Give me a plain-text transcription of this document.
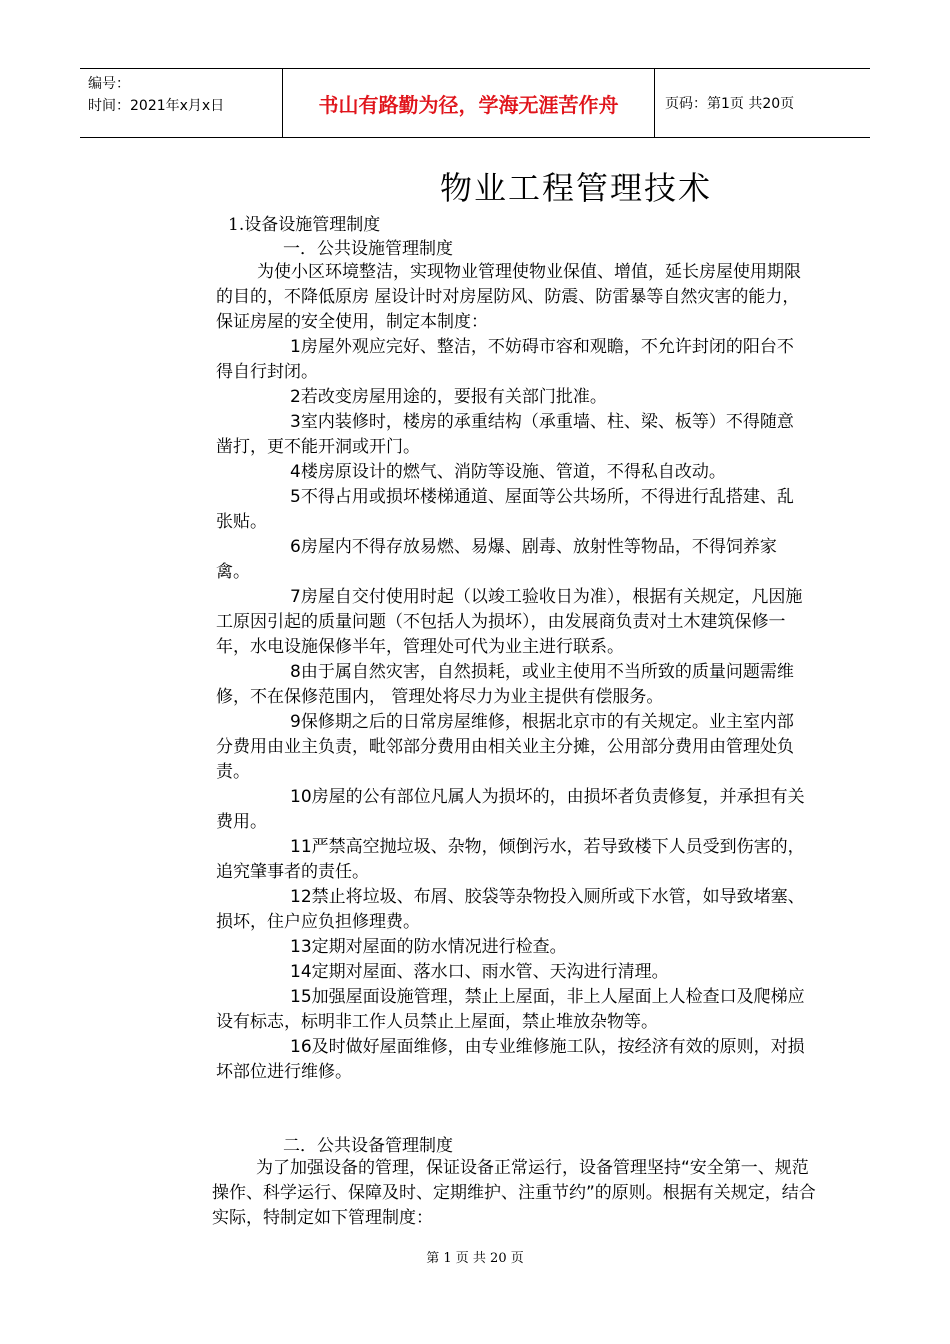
编号：
时间：2021年x月x日	书山有路勤为径，学海无涯苦作舟	页码：第1页 共20页
物业工程管理技术
1.设备设施管理制度
一．公共设施管理制度

为使小区环境整洁，实现物业管理使物业保值、增值，延长房屋使用期限的目的，不降低原房 屋设计时对房屋防风、防震、防雷暴等自然灾害的能力，保证房屋的安全使用，制定本制度：

1房屋外观应完好、整洁，不妨碍市容和观瞻，不允许封闭的阳台不得自行封闭。

2若改变房屋用途的，要报有关部门批准。

3室内装修时，楼房的承重结构（承重墙、柱、梁、板等）不得随意凿打，更不能开洞或开门。

4楼房原设计的燃气、消防等设施、管道，不得私自改动。

5不得占用或损坏楼梯通道、屋面等公共场所，不得进行乱搭建、乱张贴。

6房屋内不得存放易燃、易爆、剧毒、放射性等物品，不得饲养家禽。

7房屋自交付使用时起（以竣工验收日为准），根据有关规定，凡因施工原因引起的质量问题（不包括人为损坏），由发展商负责对土木建筑保修一年，水电设施保修半年，管理处可代为业主进行联系。

8由于属自然灾害，自然损耗，或业主使用不当所致的质量问题需维修，不在保修范围内， 管理处将尽力为业主提供有偿服务。

9保修期之后的日常房屋维修，根据北京市的有关规定。业主室内部分费用由业主负责，毗邻部分费用由相关业主分摊，公用部分费用由管理处负责。

10房屋的公有部位凡属人为损坏的，由损坏者负责修复，并承担有关费用。

11严禁高空抛垃圾、杂物，倾倒污水，若导致楼下人员受到伤害的，追究肇事者的责任。

12禁止将垃圾、布屑、胶袋等杂物投入厕所或下水管，如导致堵塞、损坏，住户应负担修理费。

13定期对屋面的防水情况进行检查。

14定期对屋面、落水口、雨水管、天沟进行清理。

15加强屋面设施管理，禁止上屋面，非上人屋面上人检查口及爬梯应设有标志，标明非工作人员禁止上屋面，禁止堆放杂物等。

16及时做好屋面维修，由专业维修施工队，按经济有效的原则，对损坏部位进行维修。

二．公共设备管理制度

为了加强设备的管理，保证设备正常运行，设备管理坚持“安全第一、规范操作、科学运行、保障及时、定期维护、注重节约”的原则。根据有关规定，结合实际，特制定如下管理制度：

第 1 页 共 20 页
